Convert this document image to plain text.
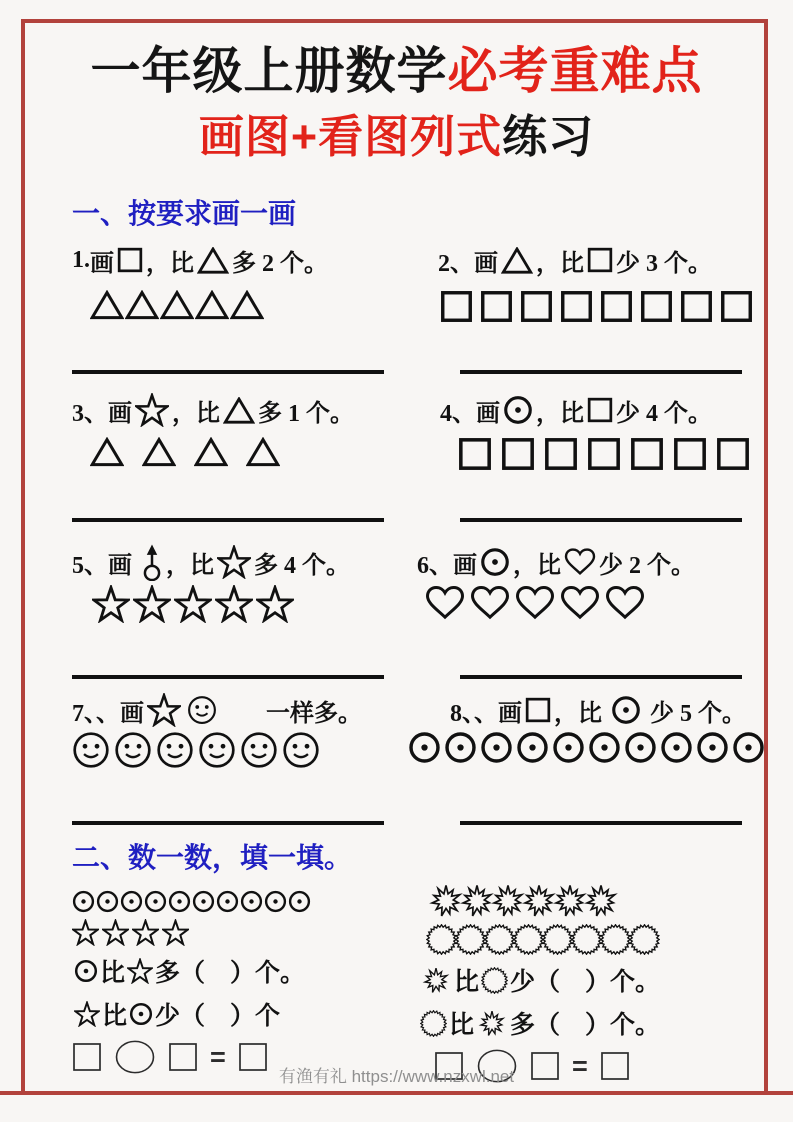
一年级上册数学必考重难点
画图+看图列式练习
一、按要求画一画
1. 画 ，比 多 2 个。	2、 画 ，比 少 3 个。
3、 画 ，比 多 1 个。	4、 画 ，比 少 4 个。
5、 画 ，比 多 4 个。	6、 画 ，比 少 2 个。
7、、 画	一样多。	8、、 画 ，比 少 5 个。
二、数一数，填一填。
比 多（　）个。
比 少（　）个
=
比 少（　）个。
比 多（　）个。
=
有渔有礼 https://www.nzxwl.net
